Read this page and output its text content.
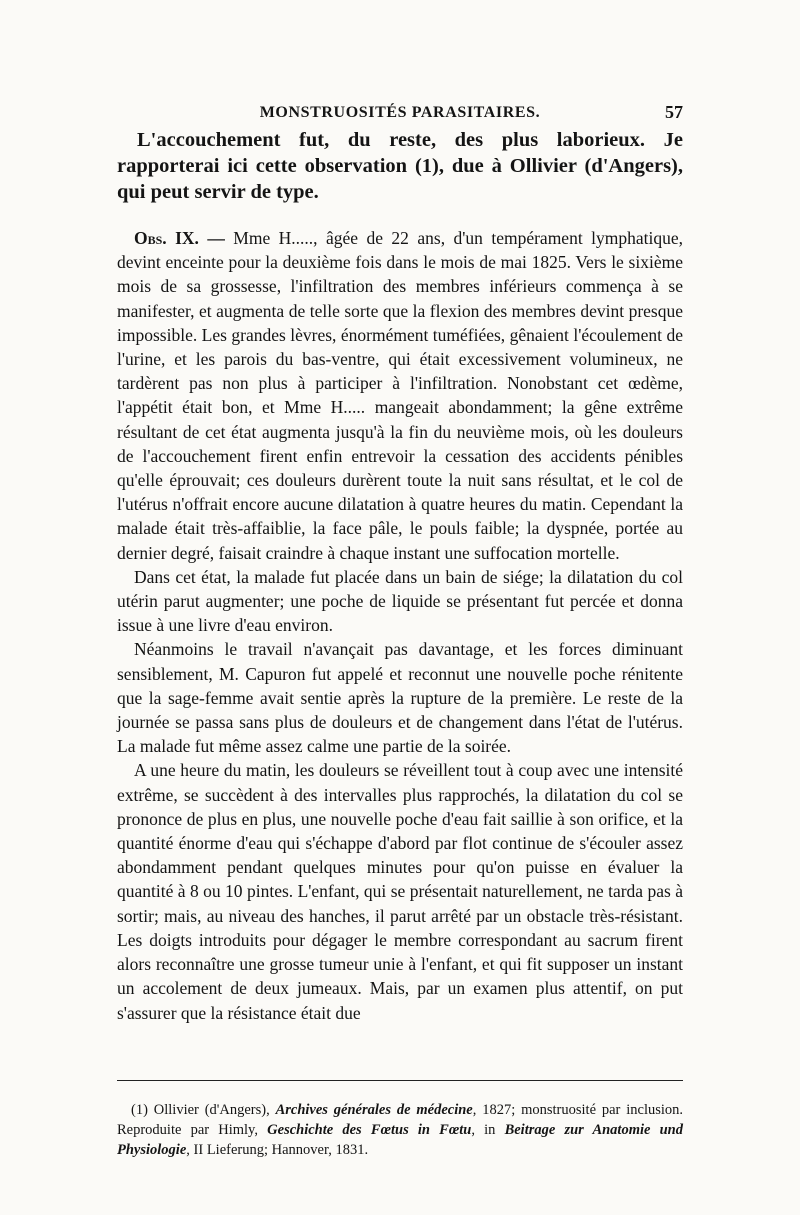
MONSTRUOSITÉS PARASITAIRES.	57

L'accouchement fut, du reste, des plus laborieux. Je rapporterai ici cette observation (1), due à Ollivier (d'Angers), qui peut servir de type.

Obs. IX. — Mme H....., âgée de 22 ans, d'un tempérament lymphatique, devint enceinte pour la deuxième fois dans le mois de mai 1825. Vers le sixième mois de sa grossesse, l'infiltration des membres inférieurs commença à se manifester, et augmenta de telle sorte que la flexion des membres devint presque impossible. Les grandes lèvres, énormément tuméfiées, gênaient l'écoulement de l'urine, et les parois du bas-ventre, qui était excessivement volumineux, ne tardèrent pas non plus à participer à l'infiltration. Nonobstant cet œdème, l'appétit était bon, et Mme H..... mangeait abondamment; la gêne extrême résultant de cet état augmenta jusqu'à la fin du neuvième mois, où les douleurs de l'accouchement firent enfin entrevoir la cessation des accidents pénibles qu'elle éprouvait; ces douleurs durèrent toute la nuit sans résultat, et le col de l'utérus n'offrait encore aucune dilatation à quatre heures du matin. Cependant la malade était très-affaiblie, la face pâle, le pouls faible; la dyspnée, portée au dernier degré, faisait craindre à chaque instant une suffocation mortelle.

Dans cet état, la malade fut placée dans un bain de siége; la dilatation du col utérin parut augmenter; une poche de liquide se présentant fut percée et donna issue à une livre d'eau environ.

Néanmoins le travail n'avançait pas davantage, et les forces diminuant sensiblement, M. Capuron fut appelé et reconnut une nouvelle poche rénitente que la sage-femme avait sentie après la rupture de la première. Le reste de la journée se passa sans plus de douleurs et de changement dans l'état de l'utérus. La malade fut même assez calme une partie de la soirée.

A une heure du matin, les douleurs se réveillent tout à coup avec une intensité extrême, se succèdent à des intervalles plus rapprochés, la dilatation du col se prononce de plus en plus, une nouvelle poche d'eau fait saillie à son orifice, et la quantité énorme d'eau qui s'échappe d'abord par flot continue de s'écouler assez abondamment pendant quelques minutes pour qu'on puisse en évaluer la quantité à 8 ou 10 pintes. L'enfant, qui se présentait naturellement, ne tarda pas à sortir; mais, au niveau des hanches, il parut arrêté par un obstacle très-résistant. Les doigts introduits pour dégager le membre correspondant au sacrum firent alors reconnaître une grosse tumeur unie à l'enfant, et qui fit supposer un instant un accolement de deux jumeaux. Mais, par un examen plus attentif, on put s'assurer que la résistance était due

(1) Ollivier (d'Angers), Archives générales de médecine, 1827; monstruosité par inclusion. Reproduite par Himly, Geschichte des Fœtus in Fœtu, in Beitrage zur Anatomie und Physiologie, II Lieferung; Hannover, 1831.
